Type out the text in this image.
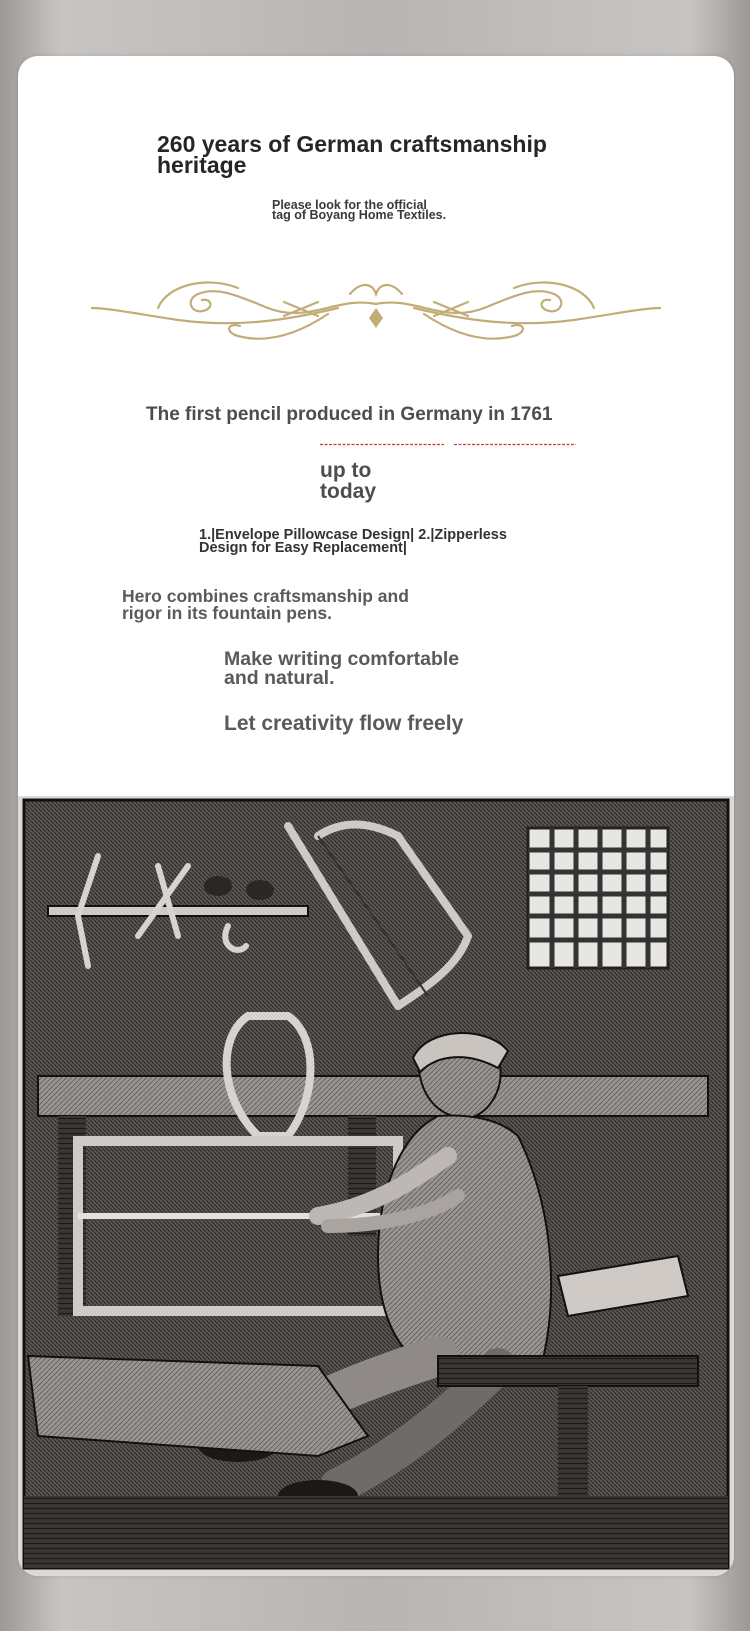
260 years of German craftsmanship
heritage

Please look for the official
tag of Boyang Home Textiles.

The first pencil produced in Germany in 1761

up to
today

1.|Envelope Pillowcase Design| 2.|Zipperless
Design for Easy Replacement|

Hero combines craftsmanship and
rigor in its fountain pens.

Make writing comfortable
and natural.

Let creativity flow freely
